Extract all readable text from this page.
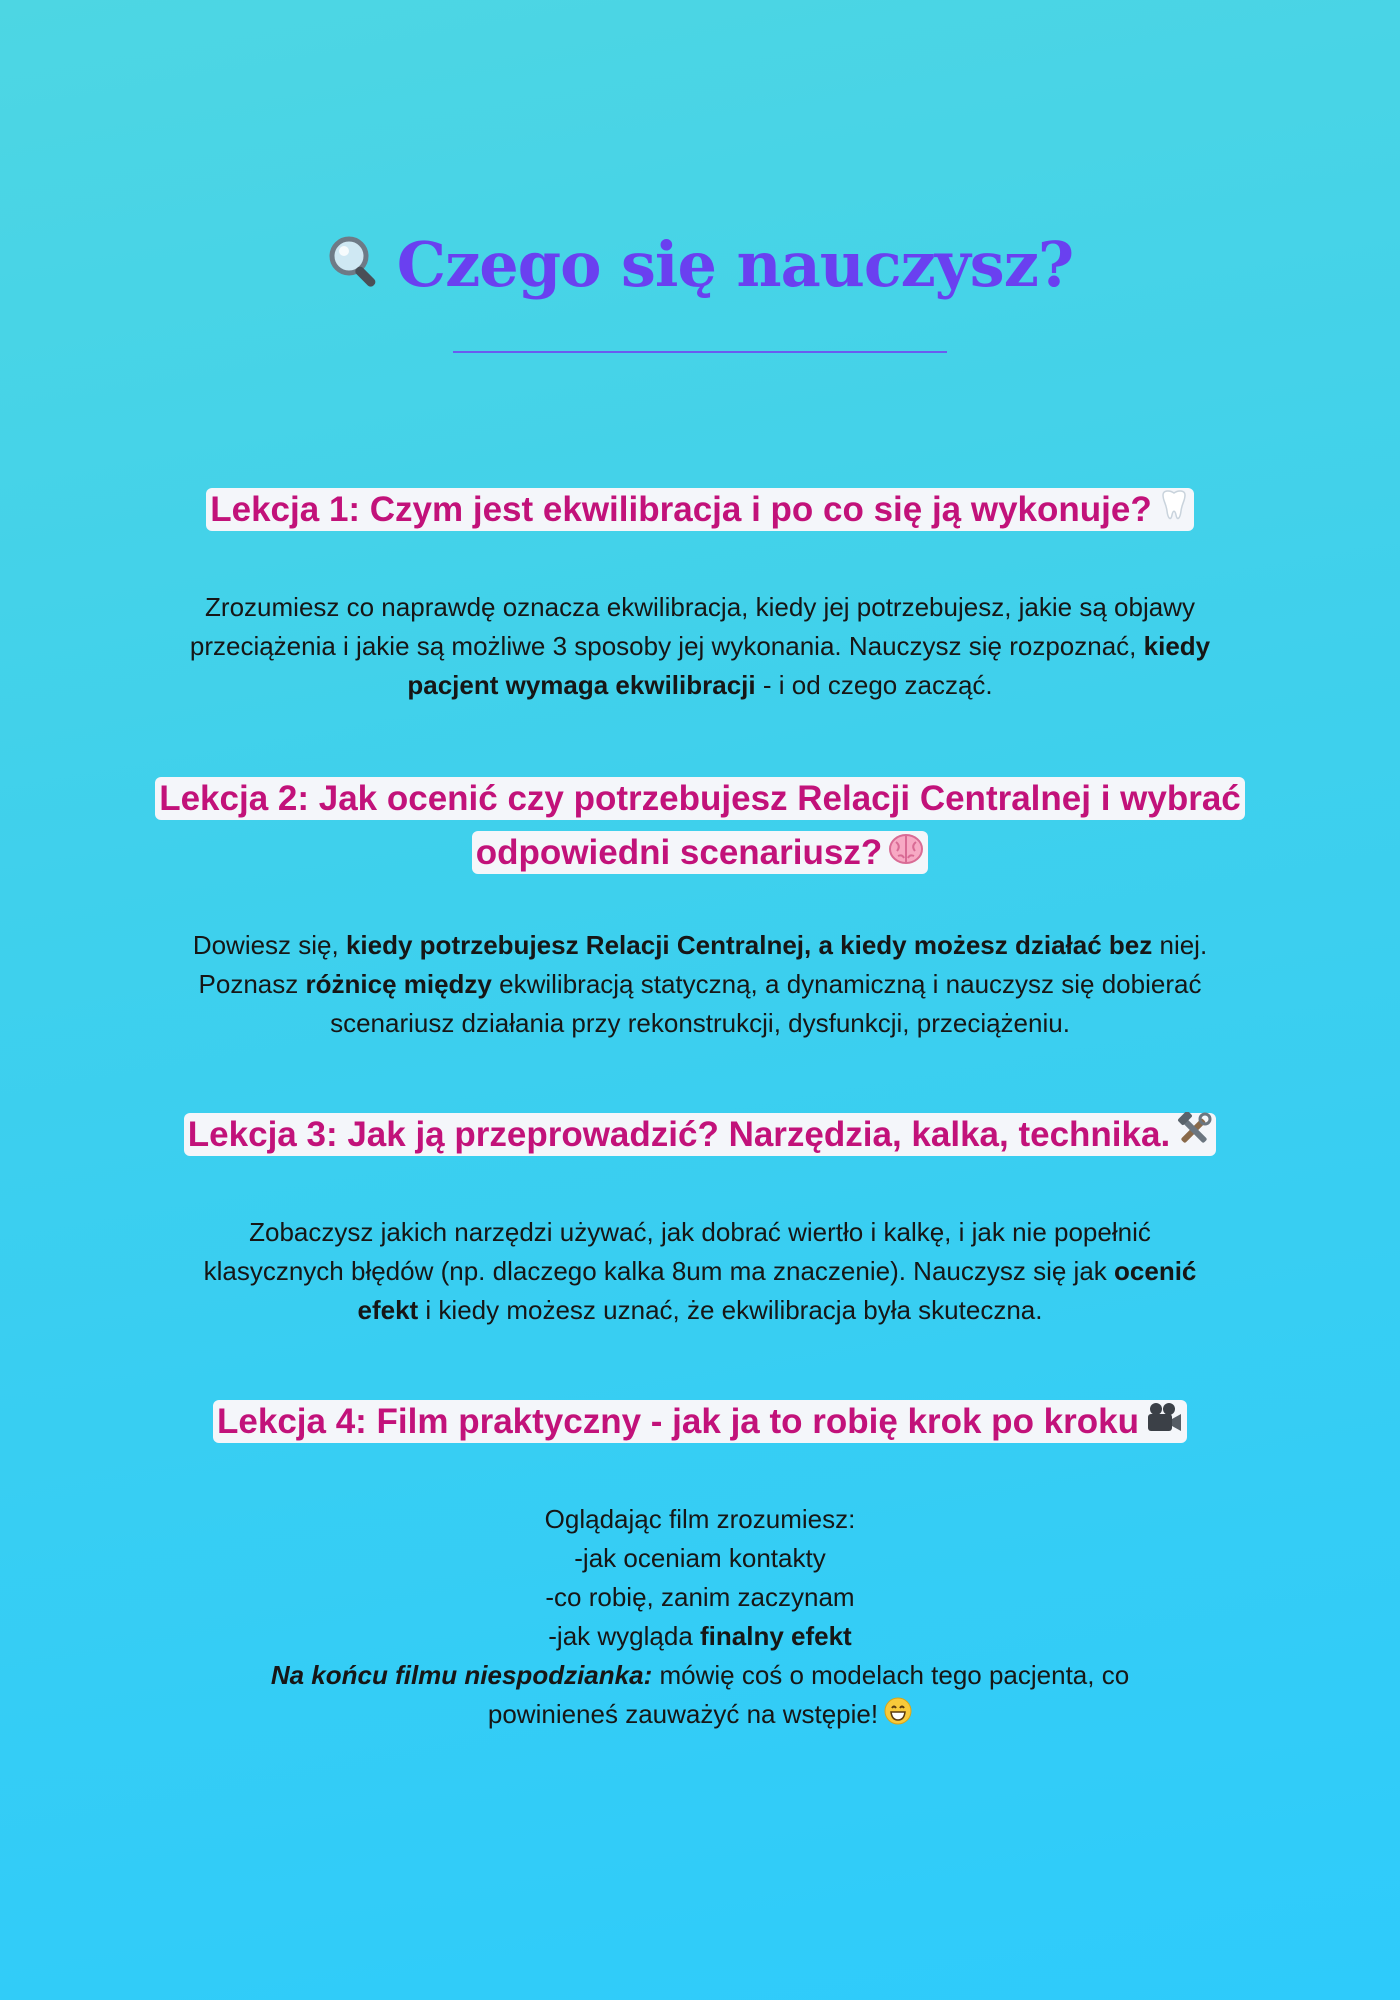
Czego się nauczysz?
Lekcja 1: Czym jest ekwilibracja i po co się ją wykonuje?
Zrozumiesz co naprawdę oznacza ekwilibracja, kiedy jej potrzebujesz, jakie są objawy przeciążenia i jakie są możliwe 3 sposoby jej wykonania. Nauczysz się rozpoznać, kiedy pacjent wymaga ekwilibracji - i od czego zacząć.
Lekcja 2: Jak ocenić czy potrzebujesz Relacji Centralnej i wybrać odpowiedni scenariusz?
Dowiesz się, kiedy potrzebujesz Relacji Centralnej, a kiedy możesz działać bez niej. Poznasz różnicę między ekwilibracją statyczną, a dynamiczną i nauczysz się dobierać scenariusz działania przy rekonstrukcji, dysfunkcji, przeciążeniu.
Lekcja 3: Jak ją przeprowadzić? Narzędzia, kalka, technika.
Zobaczysz jakich narzędzi używać, jak dobrać wiertło i kalkę, i jak nie popełnić klasycznych błędów (np. dlaczego kalka 8um ma znaczenie). Nauczysz się jak ocenić efekt i kiedy możesz uznać, że ekwilibracja była skuteczna.
Lekcja 4: Film praktyczny - jak ja to robię krok po kroku
Oglądając film zrozumiesz:
-jak oceniam kontakty
-co robię, zanim zaczynam
-jak wygląda finalny efekt
Na końcu filmu niespodzianka: mówię coś o modelach tego pacjenta, co powinieneś zauważyć na wstępie!
